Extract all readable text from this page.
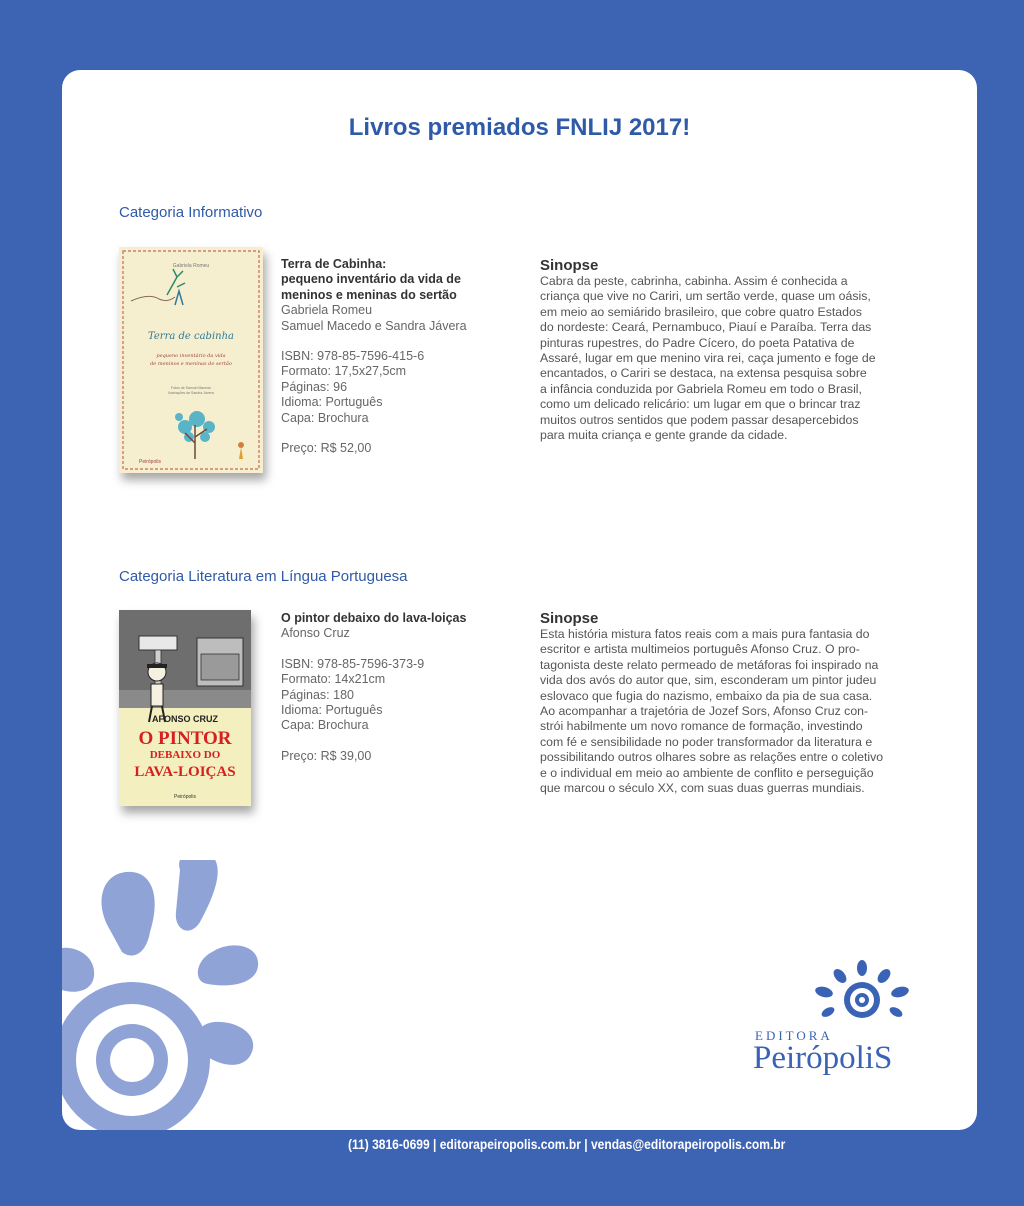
Livros premiados FNLIJ 2017!
Categoria Informativo
Gabriela Romeu
Terra de cabinha
pequeno inventário da vida
de meninos e meninas do sertão
Fotos de Samuel Macedo
Ilustrações de Sandra Jávera
Peirópolis
Terra de Cabinha:
pequeno inventário da vida de
meninos e meninas do sertão
Gabriela Romeu
Samuel Macedo e Sandra Jávera
ISBN: 978-85-7596-415-6
Formato: 17,5x27,5cm
Páginas: 96
Idioma: Português
Capa: Brochura
Preço: R$ 52,00
Sinopse

Cabra da peste, cabrinha, cabinha. Assim é conhecida a

criança que vive no Cariri, um sertão verde, quase um oásis,

em meio ao semiárido brasileiro, que cobre quatro Estados

do nordeste: Ceará, Pernambuco, Piauí e Paraíba. Terra das

pinturas rupestres, do Padre Cícero, do poeta Patativa de

Assaré, lugar em que menino vira rei, caça jumento e foge de

encantados, o Cariri se destaca, na extensa pesquisa sobre

a infância conduzida por Gabriela Romeu em todo o Brasil,

como um delicado relicário: um lugar em que o brincar traz

muitos outros sentidos que podem passar desapercebidos

para muita criança e gente grande da cidade.

Categoria Literatura em Língua Portuguesa
AFONSO CRUZ
O PINTOR
DEBAIXO DO
LAVA-LOIÇAS
Peirópolis
O pintor debaixo do lava-loiças
Afonso Cruz
ISBN: 978-85-7596-373-9
Formato: 14x21cm
Páginas: 180
Idioma: Português
Capa: Brochura
Preço: R$ 39,00
Sinopse

Esta história mistura fatos reais com a mais pura fantasia do

escritor e artista multimeios português Afonso Cruz. O pro-

tagonista deste relato permeado de metáforas foi inspirado na

vida dos avós do autor que, sim, esconderam um pintor judeu

eslovaco que fugia do nazismo, embaixo da pia de sua casa.

Ao acompanhar a trajetória de Jozef Sors, Afonso Cruz con-

strói habilmente um novo romance de formação, investindo

com fé e sensibilidade no poder transformador da literatura e

possibilitando outros olhares sobre as relações entre o coletivo

e o individual em meio ao ambiente de conflito e perseguição

que marcou o século XX, com suas duas guerras mundiais.

EDITORA
PeirópoliS
(11) 3816-0699 | editorapeiropolis.com.br | vendas@editorapeiropolis.com.br
